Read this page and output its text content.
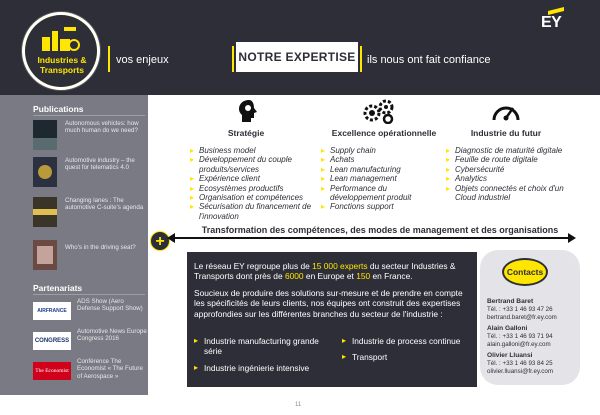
Industries & Transports
vos enjeux	NOTRE EXPERTISE ils nous ont fait confiance
EY
Publications
Autonomous vehicles: how much human do we need?
Automotive industry – the quest for telematics 4.0
Changing lanes : The automotive C-suite's agenda
Who's in the driving seat?
Partenariats
AIRFRANCE
ADS Show (Aero Defense Support Show)
CONGRESS
Automotive News Europe Congress 2016
The Economist
Conférence The Economist « The Future of Aerospace »
+
Stratégie	Excellence opérationnelle	Industrie du futur
▸ Business model
▸ Développement du couple produits/services
▸ Expérience client
▸ Ecosystèmes productifs
▸ Organisation et compétences
▸ Sécurisation du financement de l'innovation
▸ Supply chain
▸ Achats
▸ Lean manufacturing
▸ Lean management
▸ Performance du développement produit
▸ Fonctions support
▸ Diagnostic de maturité digitale
▸ Feuille de route digitale
▸ Cybersécurité
▸ Analytics
▸ Objets connectés et choix d'un Cloud industriel
Transformation des compétences, des modes de management et des organisations
Le réseau EY regroupe plus de 15 000 experts du secteur Industries & Transports dont près de 6000 en Europe et 150 en France.
Soucieux de produire des solutions sur-mesure et de prendre en compte les spécificités de leurs clients, nos équipes ont construit des expertises approfondies sur les différentes branches du secteur de l'industrie :
▸ Industrie manufacturing grande série
▸ Industrie ingénierie intensive
▸ Industrie de process continue
▸ Transport
Contacts
Bertrand Baret
Tél. : +33 1 46 93 47 26
bertrand.baret@fr.ey.com
Alain Galloni
Tél. : +33 1 46 93 71 94
alain.galloni@fr.ey.com
Olivier Lluansi
Tél. : +33 1 46 93 84 25
olivier.lluansi@fr.ey.com
11
